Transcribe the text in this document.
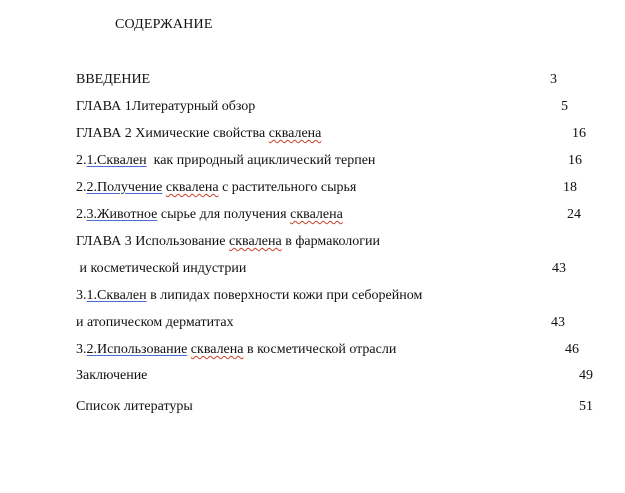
СОДЕРЖАНИЕ
ВВЕДЕНИЕ	3
ГЛАВА 1Литературный обзор	5
ГЛАВА 2 Химические свойства сквалена	16
2.1.Сквален  как природный ациклический терпен	16
2.2.Получение сквалена с растительного сырья	18
2.3.Животное сырье для получения сквалена	24
ГЛАВА 3 Использование сквалена в фармакологии
и косметической индустрии	43
3.1.Сквален в липидах поверхности кожи при себорейном
и атопическом дерматитах	43
3.2.Использование сквалена в косметической отрасли	46
Заключение	49
Список литературы	51
